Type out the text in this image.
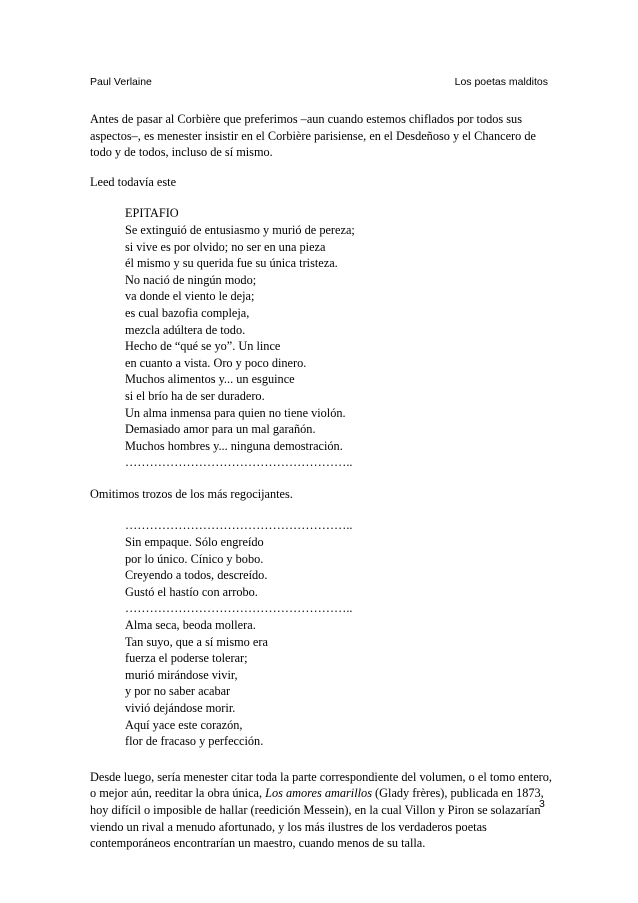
Paul Verlaine	Los poetas malditos

Antes de pasar al Corbière que preferimos –aun cuando estemos chiflados por todos sus aspectos–, es menester insistir en el Corbière parisiense, en el Desdeñoso y el Chancero de todo y de todos, incluso de sí mismo.

Leed todavía este

EPITAFIO
Se extinguió de entusiasmo y murió de pereza;
si vive es por olvido; no ser en una pieza
él mismo y su querida fue su única tristeza.
No nació de ningún modo;
va donde el viento le deja;
es cual bazofia compleja,
mezcla adúltera de todo.
Hecho de “qué se yo”. Un lince
en cuanto a vista. Oro y poco dinero.
Muchos alimentos y... un esguince
si el brío ha de ser duradero.
Un alma inmensa para quien no tiene violón.
Demasiado amor para un mal garañón.
Muchos hombres y... ninguna demostración.
………………………………………………..

Omitimos trozos de los más regocijantes.

………………………………………………..
Sin empaque. Sólo engreído
por lo único. Cínico y bobo.
Creyendo a todos, descreído.
Gustó el hastío con arrobo.
………………………………………………..
Alma seca, beoda mollera.
Tan suyo, que a sí mismo era
fuerza el poderse tolerar;
murió mirándose vivir,
y por no saber acabar
vivió dejándose morir.
Aquí yace este corazón,
flor de fracaso y perfección.

Desde luego, sería menester citar toda la parte correspondiente del volumen, o el tomo entero, o mejor aún, reeditar la obra única, Los amores amarillos (Glady frères), publicada en 1873, hoy difícil o imposible de hallar (reedición Messein), en la cual Villon y Piron se solazarían viendo un rival a menudo afortunado, y los más ilustres de los verdaderos poetas contemporáneos encontrarían un maestro, cuando menos de su talla.

3
